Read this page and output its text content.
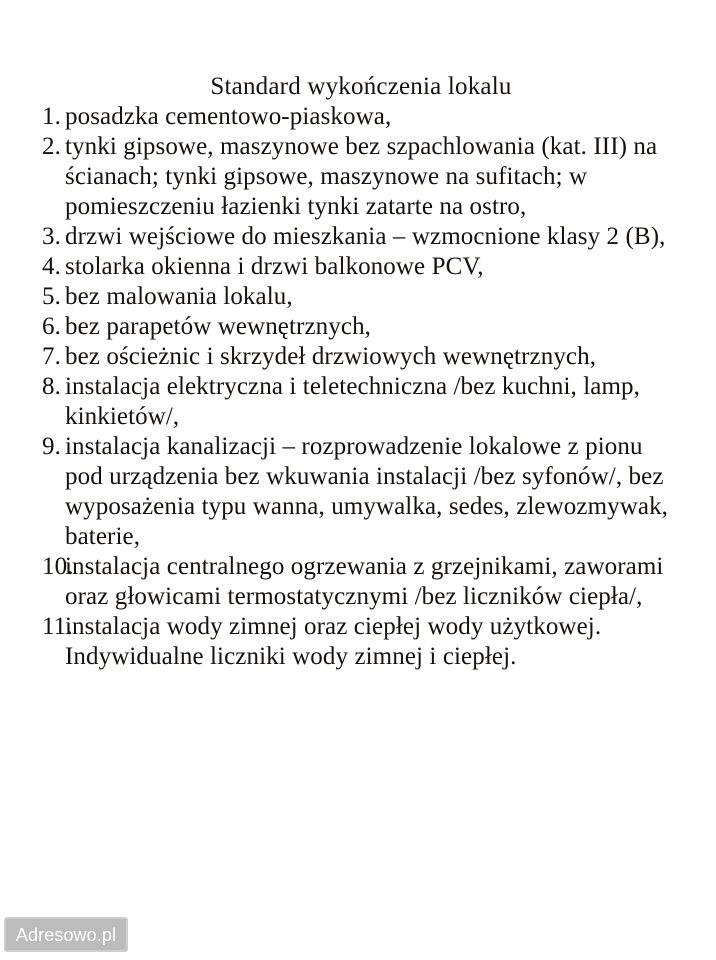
Standard wykończenia lokalu
1. posadzka cementowo-piaskowa,
2. tynki gipsowe, maszynowe bez szpachlowania (kat. III) na ścianach; tynki gipsowe, maszynowe na sufitach; w pomieszczeniu łazienki tynki zatarte na ostro,
3. drzwi wejściowe do mieszkania – wzmocnione klasy 2 (B),
4. stolarka okienna i drzwi balkonowe PCV,
5. bez malowania lokalu,
6. bez parapetów wewnętrznych,
7. bez ościeżnic i skrzydeł drzwiowych wewnętrznych,
8. instalacja elektryczna i teletechniczna /bez kuchni, lamp, kinkietów/,
9. instalacja kanalizacji – rozprowadzenie lokalowe z pionu pod urządzenia bez wkuwania instalacji /bez syfonów/, bez wyposażenia typu wanna, umywalka, sedes, zlewozmywak, baterie,
10.
instalacja centralnego ogrzewania z grzejnikami, zaworami oraz głowicami termostatycznymi /bez liczników ciepła/,
11.
instalacja wody zimnej oraz ciepłej wody użytkowej. Indywidualne liczniki wody zimnej i ciepłej.
Adresowo.pl
